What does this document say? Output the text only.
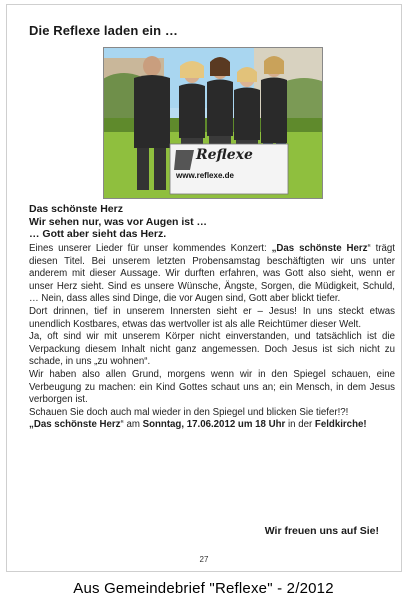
Die Reflexe laden ein …
Reflexe
www.reflexe.de
Das schönste Herz
Wir sehen nur, was vor Augen ist …
… Gott aber sieht das Herz.

Eines unserer Lieder für unser kommendes Konzert: „Das schönste Herz“ trägt diesen Titel. Bei unserem letzten Probensamstag beschäftigten wir uns unter anderem mit dieser Aussage. Wir durften erfahren, was Gott also sieht, wenn er unser Herz sieht. Sind es unsere Wünsche, Ängste, Sorgen, die Müdigkeit, Schuld, … Nein, dass alles sind Dinge, die vor Augen sind, Gott aber blickt tiefer.

Dort drinnen, tief in unserem Innersten sieht er – Jesus! In uns steckt etwas unendlich Kostbares, etwas das wertvoller ist als alle Reichtümer dieser Welt.

Ja, oft sind wir mit unserem Körper nicht einverstanden, und tatsächlich ist die Verpackung diesem Inhalt nicht ganz angemessen. Doch Jesus ist sich nicht zu schade, in uns „zu wohnen“.

Wir haben also allen Grund, morgens wenn wir in den Spiegel schauen, eine Verbeugung zu machen: ein Kind Gottes schaut uns an; ein Mensch, in dem Jesus verborgen ist.

Schauen Sie doch auch mal wieder in den Spiegel und blicken Sie tiefer!?!

„Das schönste Herz“ am Sonntag, 17.06.2012 um 18 Uhr in der Feldkirche!

Wir freuen uns auf Sie!
27
Aus Gemeindebrief "Reflexe" - 2/2012
